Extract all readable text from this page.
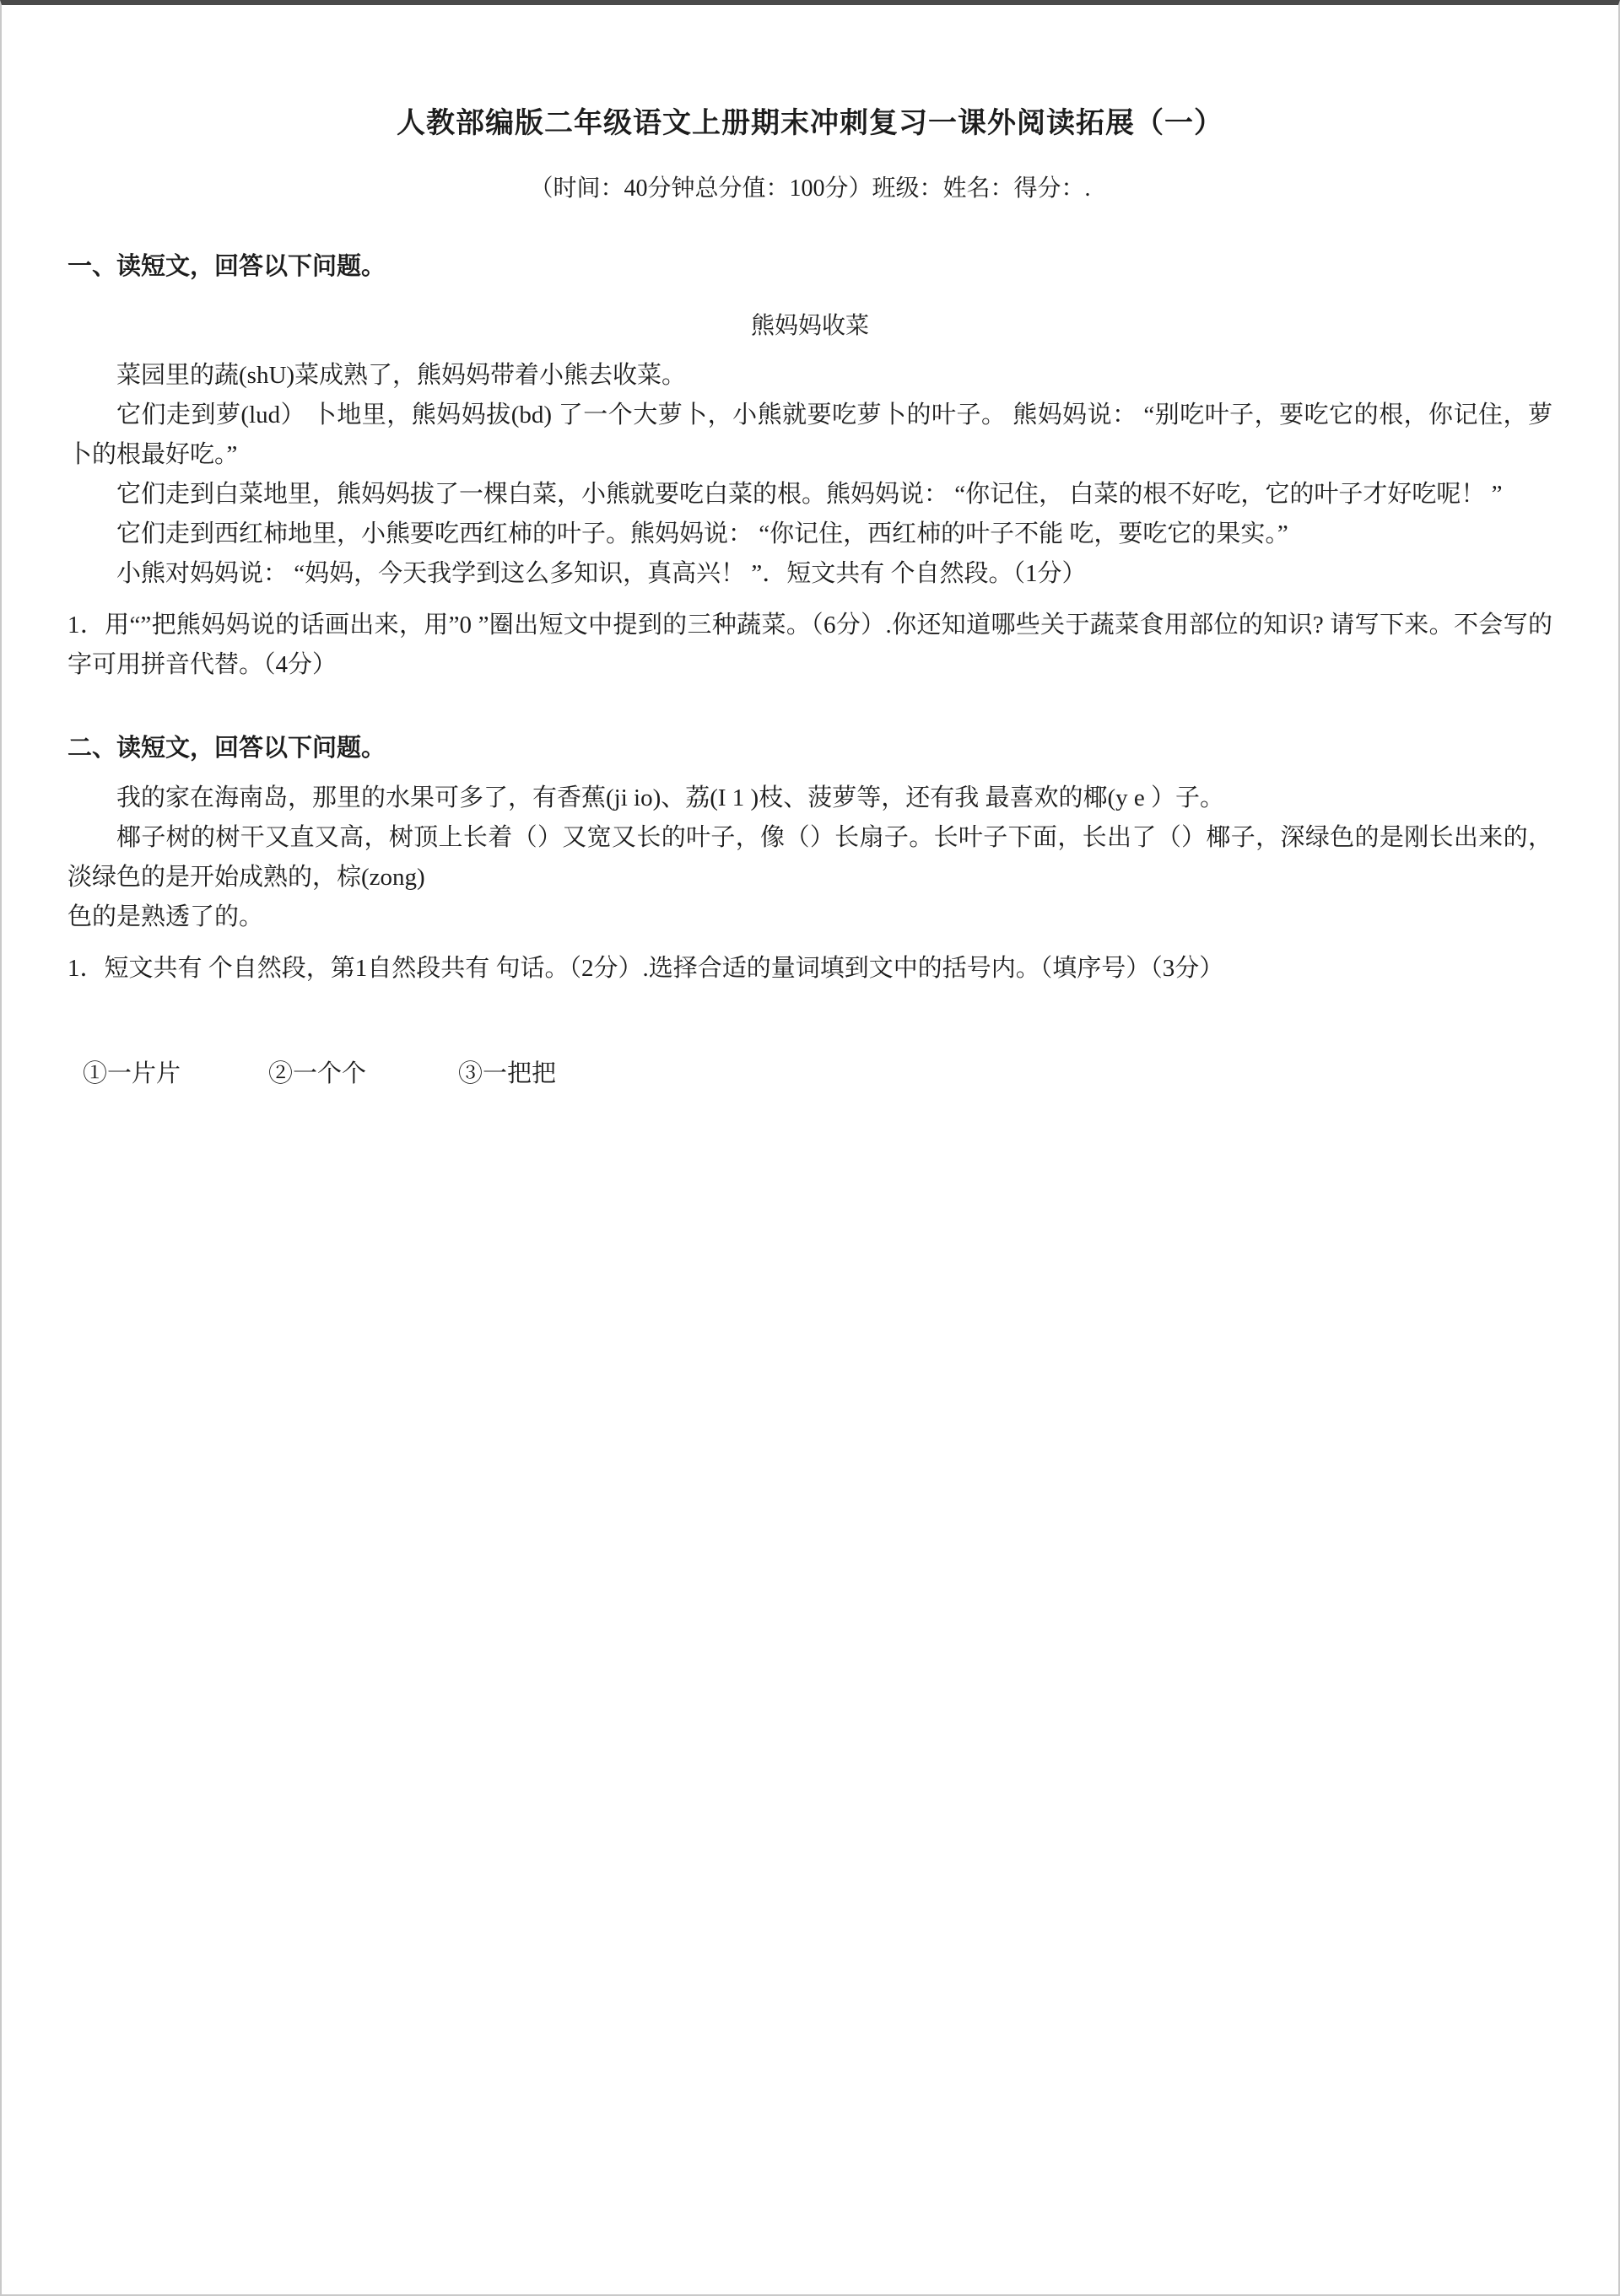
人教部编版二年级语文上册期末冲刺复习一课外阅读拓展（一）
（时间：40分钟总分值：100分）班级：姓名：得分：.
一、读短文，回答以下问题。
熊妈妈收菜

菜园里的蔬(shU)菜成熟了，熊妈妈带着小熊去收菜。

它们走到萝(lud） 卜地里，熊妈妈拔(bd) 了一个大萝卜，小熊就要吃萝卜的叶子。 熊妈妈说： “别吃叶子，要吃它的根，你记住，萝卜的根最好吃。”

它们走到白菜地里，熊妈妈拔了一棵白菜，小熊就要吃白菜的根。熊妈妈说： “你记住， 白菜的根不好吃，它的叶子才好吃呢！ ”

它们走到西红柿地里，小熊要吃西红柿的叶子。熊妈妈说： “你记住，西红柿的叶子不能 吃，要吃它的果实。”

小熊对妈妈说： “妈妈，今天我学到这么多知识，真高兴！ ”．短文共有 个自然段。（1分）

1．用“”把熊妈妈说的话画出来，用”0 ”圈出短文中提到的三种蔬菜。（6分）.你还知道哪些关于蔬菜食用部位的知识? 请写下来。不会写的字可用拼音代替。（4分）

二、读短文，回答以下问题。

我的家在海南岛，那里的水果可多了，有香蕉(ji io)、荔(I 1 )枝、菠萝等，还有我 最喜欢的椰(y e ）子。

椰子树的树干又直又高，树顶上长着（）又宽又长的叶子，像（）长扇子。长叶子下面，长出了（）椰子，深绿色的是刚长出来的，淡绿色的是开始成熟的，棕(zong)

色的是熟透了的。

1．短文共有 个自然段，第1自然段共有 句话。（2分）.选择合适的量词填到文中的括号内。（填序号）（3分）

①一片片	②一个个	③一把把
